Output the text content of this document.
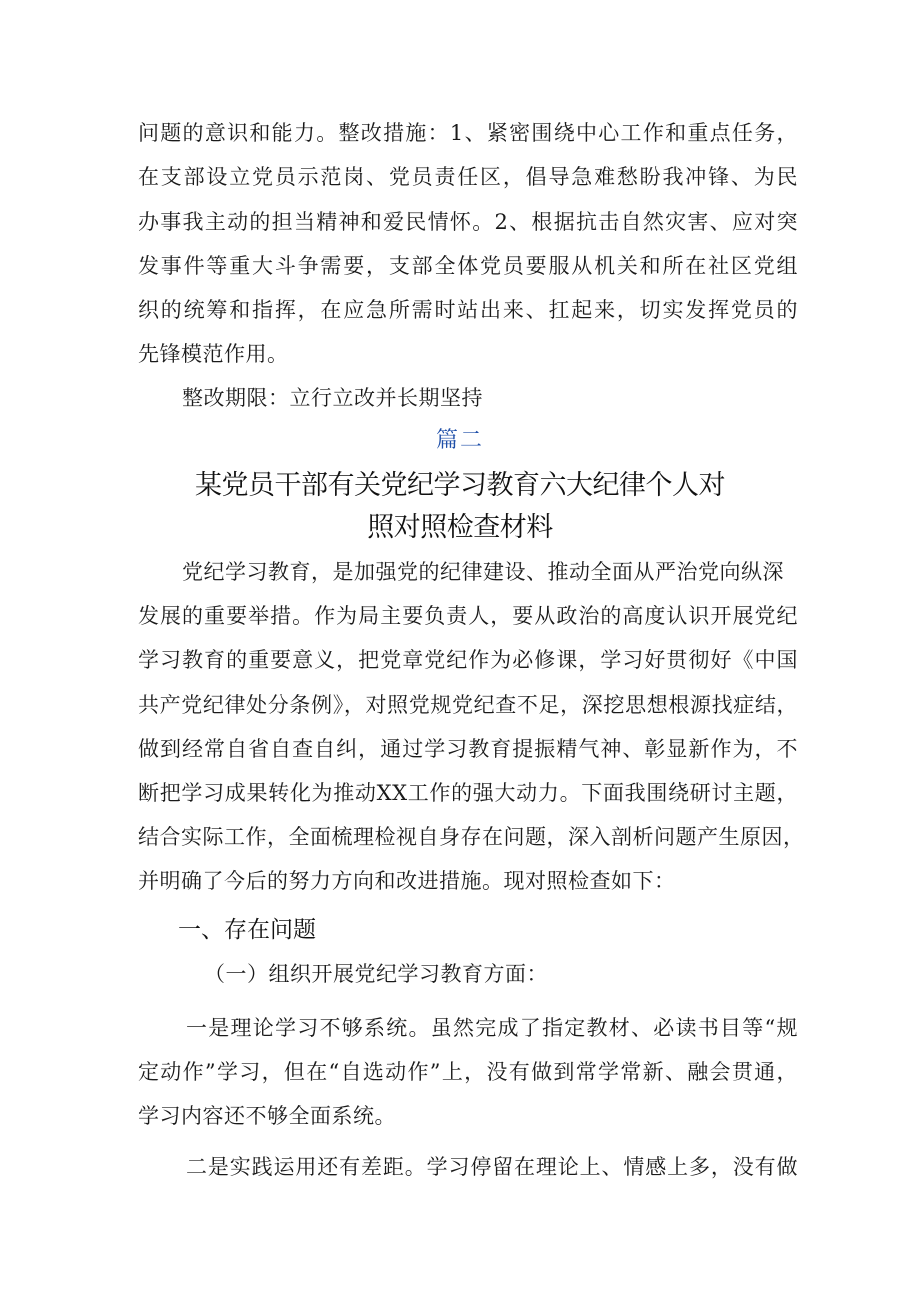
问题的意识和能力。整改措施：1、紧密围绕中心工作和重点任务，
在支部设立党员示范岗、党员责任区，倡导急难愁盼我冲锋、为民
办事我主动的担当精神和爱民情怀。2、根据抗击自然灾害、应对突
发事件等重大斗争需要，支部全体党员要服从机关和所在社区党组
织的统筹和指挥，在应急所需时站出来、扛起来，切实发挥党员的
先锋模范作用。
整改期限：立行立改并长期坚持
篇二
某党员干部有关党纪学习教育六大纪律个人对
照对照检查材料
党纪学习教育，是加强党的纪律建设、推动全面从严治党向纵深
发展的重要举措。作为局主要负责人，要从政治的高度认识开展党纪
学习教育的重要意义，把党章党纪作为必修课，学习好贯彻好《中国
共产党纪律处分条例》，对照党规党纪查不足，深挖思想根源找症结，
做到经常自省自查自纠，通过学习教育提振精气神、彰显新作为，不
断把学习成果转化为推动XX工作的强大动力。下面我围绕研讨主题，
结合实际工作，全面梳理检视自身存在问题，深入剖析问题产生原因，
并明确了今后的努力方向和改进措施。现对照检查如下：
一、存在问题
（一）组织开展党纪学习教育方面：
一是理论学习不够系统。虽然完成了指定教材、必读书目等“规
定动作”学习，但在“自选动作”上，没有做到常学常新、融会贯通，
学习内容还不够全面系统。
二是实践运用还有差距。学习停留在理论上、情感上多，没有做
